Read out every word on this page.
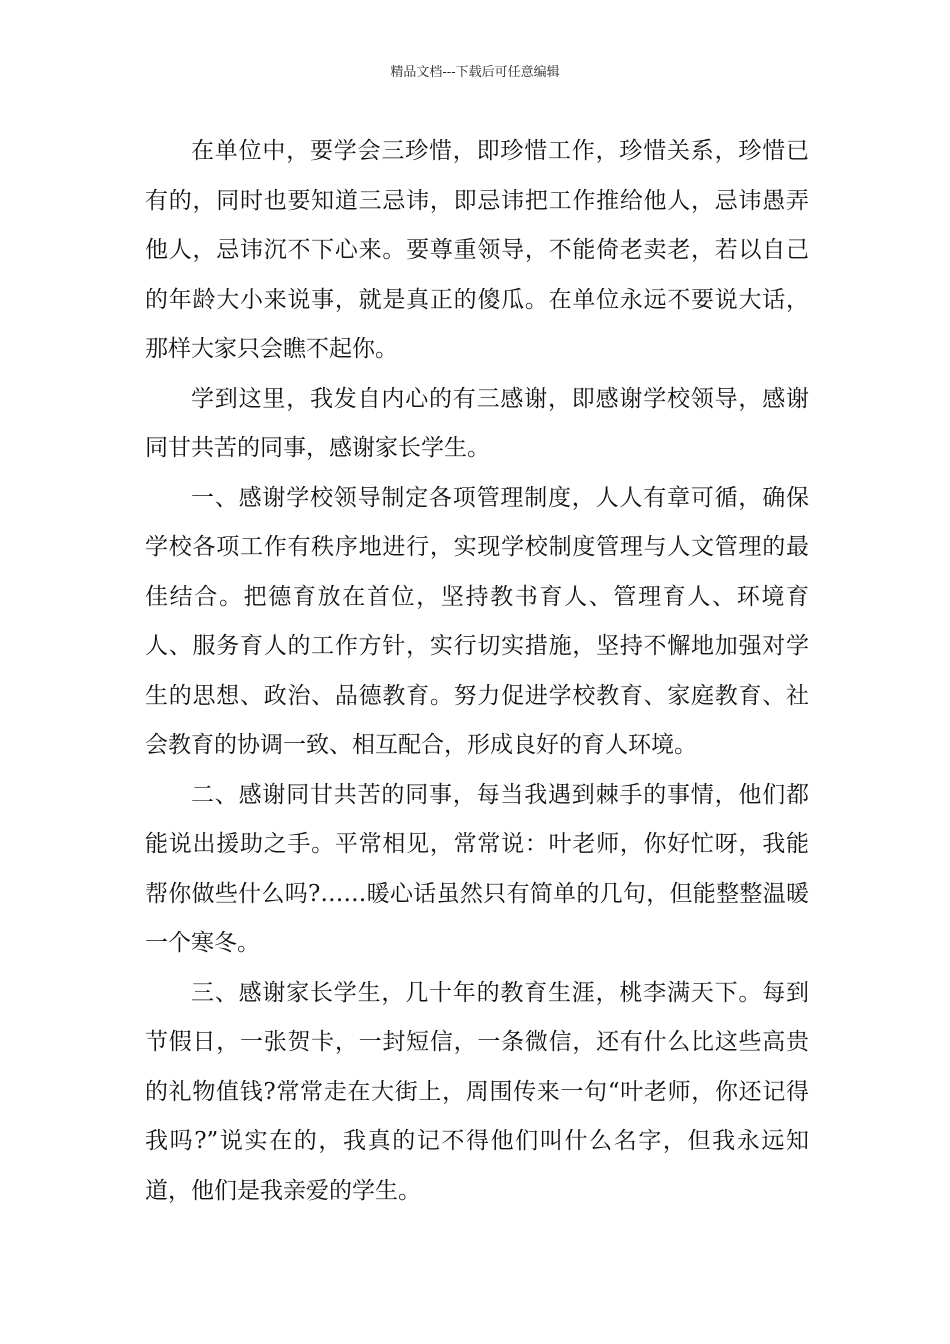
精品文档---下载后可任意编辑

在单位中，要学会三珍惜，即珍惜工作，珍惜关系，珍惜已有的，同时也要知道三忌讳，即忌讳把工作推给他人，忌讳愚弄他人，忌讳沉不下心来。要尊重领导，不能倚老卖老，若以自己的年龄大小来说事，就是真正的傻瓜。在单位永远不要说大话，那样大家只会瞧不起你。

学到这里，我发自内心的有三感谢，即感谢学校领导，感谢同甘共苦的同事，感谢家长学生。

一、感谢学校领导制定各项管理制度，人人有章可循，确保学校各项工作有秩序地进行，实现学校制度管理与人文管理的最佳结合。把德育放在首位，坚持教书育人、管理育人、环境育人、服务育人的工作方针，实行切实措施，坚持不懈地加强对学生的思想、政治、品德教育。努力促进学校教育、家庭教育、社会教育的协调一致、相互配合，形成良好的育人环境。

二、感谢同甘共苦的同事，每当我遇到棘手的事情，他们都能说出援助之手。平常相见，常常说：叶老师，你好忙呀，我能帮你做些什么吗?……暖心话虽然只有简单的几句，但能整整温暖一个寒冬。

三、感谢家长学生，几十年的教育生涯，桃李满天下。每到节假日，一张贺卡，一封短信，一条微信，还有什么比这些高贵的礼物值钱?常常走在大街上，周围传来一句“叶老师，你还记得我吗?”说实在的，我真的记不得他们叫什么名字，但我永远知道，他们是我亲爱的学生。
